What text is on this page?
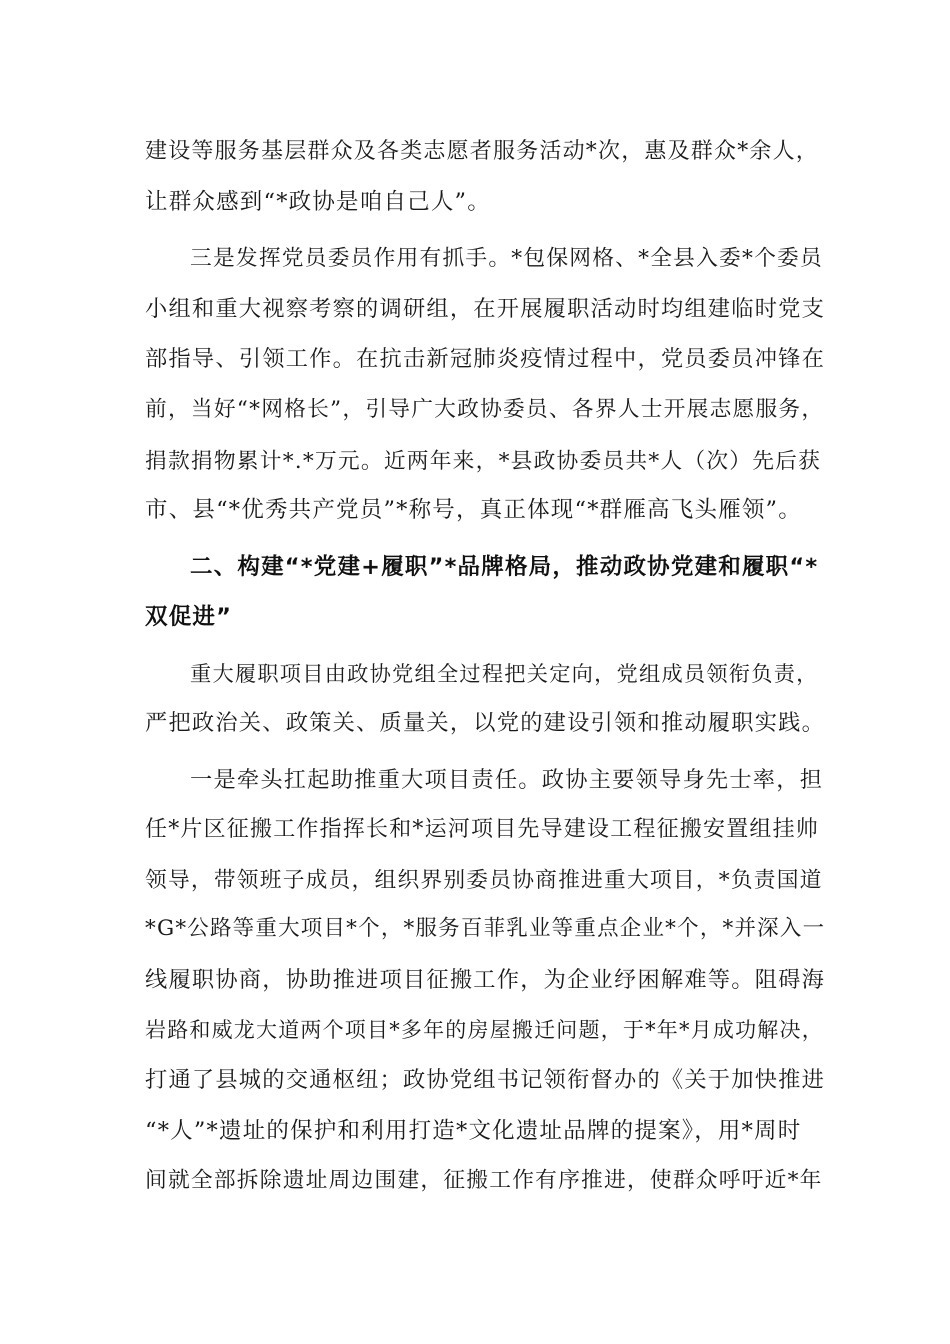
建设等服务基层群众及各类志愿者服务活动*次，惠及群众*余人，
让群众感到“*政协是咱自己人”。
三是发挥党员委员作用有抓手。*包保网格、*全县入委*个委员
小组和重大视察考察的调研组，在开展履职活动时均组建临时党支
部指导、引领工作。在抗击新冠肺炎疫情过程中，党员委员冲锋在
前，当好“*网格长”，引导广大政协委员、各界人士开展志愿服务，
捐款捐物累计*.*万元。近两年来，*县政协委员共*人（次）先后获
市、县“*优秀共产党员”*称号，真正体现“*群雁高飞头雁领”。
二、构建“*党建+履职”*品牌格局，推动政协党建和履职“*
双促进”
重大履职项目由政协党组全过程把关定向，党组成员领衔负责，
严把政治关、政策关、质量关，以党的建设引领和推动履职实践。
一是牵头扛起助推重大项目责任。政协主要领导身先士率，担
任*片区征搬工作指挥长和*运河项目先导建设工程征搬安置组挂帅
领导，带领班子成员，组织界别委员协商推进重大项目，*负责国道
*G*公路等重大项目*个，*服务百菲乳业等重点企业*个，*并深入一
线履职协商，协助推进项目征搬工作，为企业纾困解难等。阻碍海
岩路和威龙大道两个项目*多年的房屋搬迁问题，于*年*月成功解决，
打通了县城的交通枢纽；政协党组书记领衔督办的《关于加快推进
“*人”*遗址的保护和利用打造*文化遗址品牌的提案》，用*周时
间就全部拆除遗址周边围建，征搬工作有序推进，使群众呼吁近*年
